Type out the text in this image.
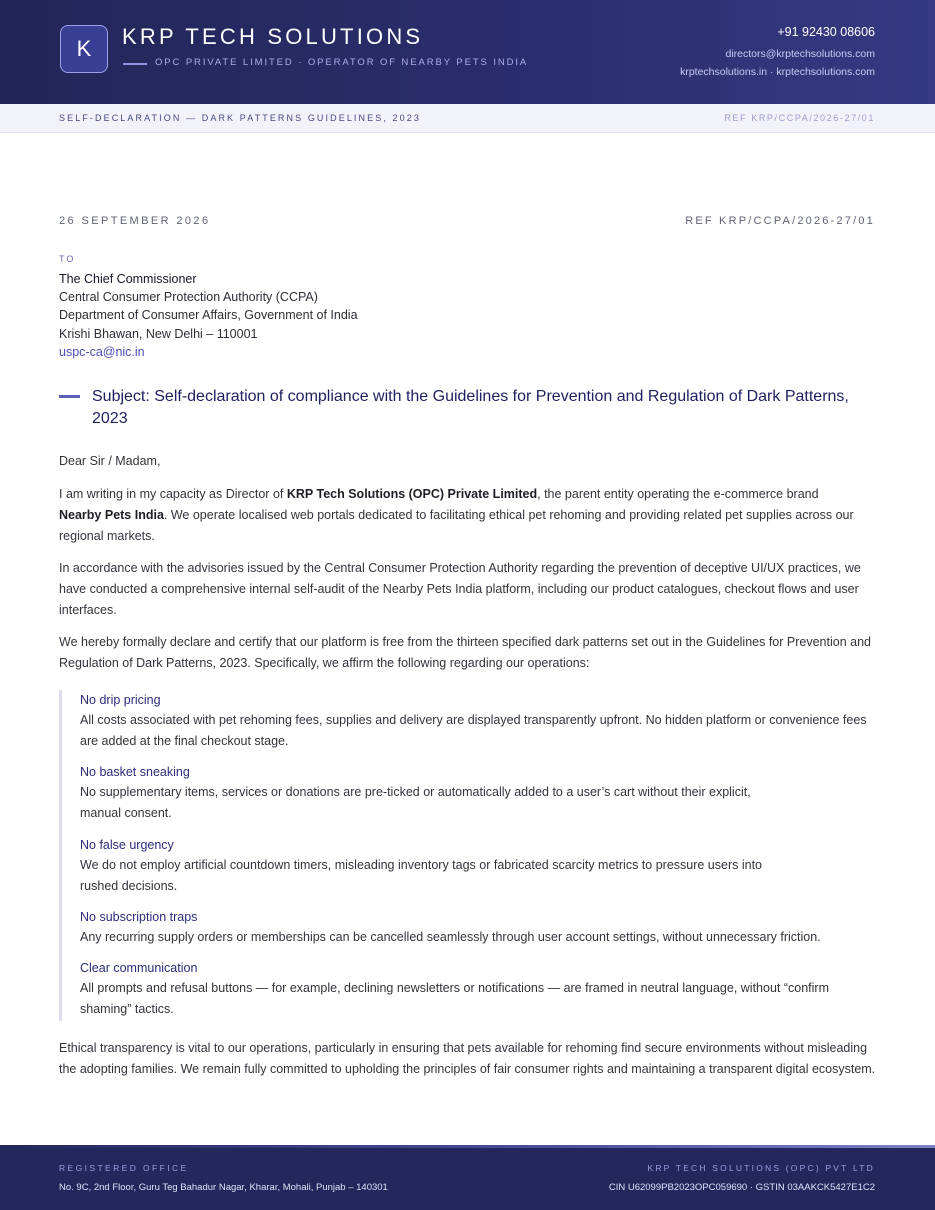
K KRP TECH SOLUTIONS
OPC PRIVATE LIMITED · OPERATOR OF NEARBY PETS INDIA
+91 92430 08606
directors@krptechsolutions.com
krptechsolutions.in · krptechsolutions.com
SELF-DECLARATION — DARK PATTERNS GUIDELINES, 2023	REF KRP/CCPA/2026-27/01
26 SEPTEMBER 2026	REF KRP/CCPA/2026-27/01
TO
The Chief Commissioner
Central Consumer Protection Authority (CCPA)
Department of Consumer Affairs, Government of India
Krishi Bhawan, New Delhi – 110001
uspc-ca@nic.in
Subject: Self-declaration of compliance with the Guidelines for Prevention and Regulation of Dark Patterns, 2023
Dear Sir / Madam,
I am writing in my capacity as Director of KRP Tech Solutions (OPC) Private Limited, the parent entity operating the e-commerce brand
Nearby Pets India. We operate localised web portals dedicated to facilitating ethical pet rehoming and providing related pet supplies across our regional markets.
In accordance with the advisories issued by the Central Consumer Protection Authority regarding the prevention of deceptive UI/UX practices, we have conducted a comprehensive internal self-audit of the Nearby Pets India platform, including our product catalogues, checkout flows and user interfaces.
We hereby formally declare and certify that our platform is free from the thirteen specified dark patterns set out in the Guidelines for Prevention and Regulation of Dark Patterns, 2023. Specifically, we affirm the following regarding our operations:
No drip pricing
All costs associated with pet rehoming fees, supplies and delivery are displayed transparently upfront. No hidden platform or convenience fees are added at the final checkout stage.
No basket sneaking
No supplementary items, services or donations are pre-ticked or automatically added to a user’s cart without their explicit,
manual consent.
No false urgency
We do not employ artificial countdown timers, misleading inventory tags or fabricated scarcity metrics to pressure users into
rushed decisions.
No subscription traps
Any recurring supply orders or memberships can be cancelled seamlessly through user account settings, without unnecessary friction.
Clear communication
All prompts and refusal buttons — for example, declining newsletters or notifications — are framed in neutral language, without “confirm shaming” tactics.
Ethical transparency is vital to our operations, particularly in ensuring that pets available for rehoming find secure environments without misleading the adopting families. We remain fully committed to upholding the principles of fair consumer rights and maintaining a transparent digital ecosystem.
REGISTERED OFFICE
No. 9C, 2nd Floor, Guru Teg Bahadur Nagar, Kharar, Mohali, Punjab – 140301
KRP TECH SOLUTIONS (OPC) PVT LTD
CIN U62099PB2023OPC059690 · GSTIN 03AAKCK5427E1C2
